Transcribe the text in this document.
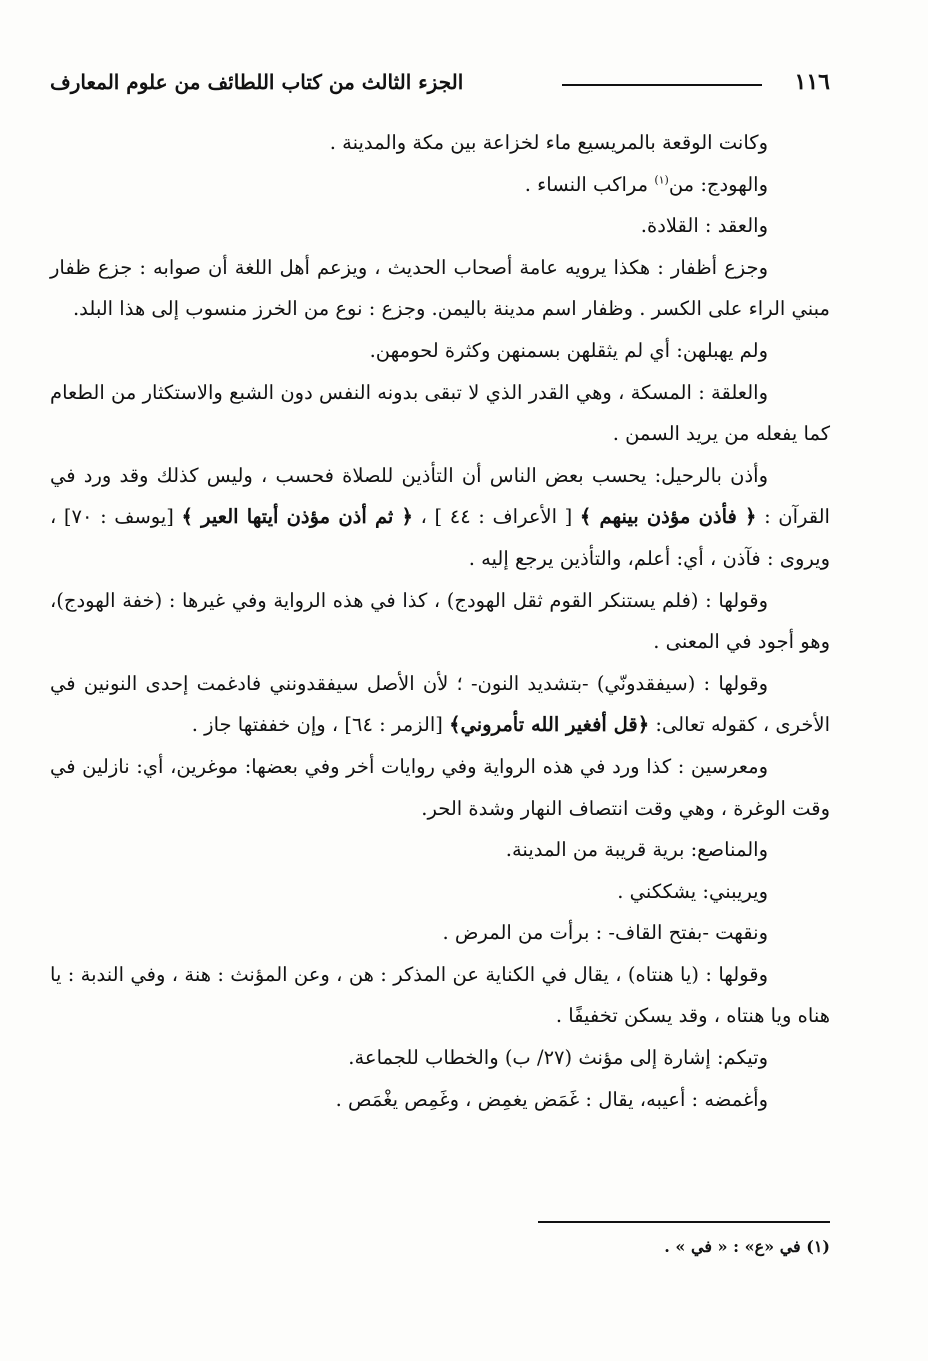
١١٦
الجزء الثالث من كتاب اللطائف من علوم المعارف

وكانت الوقعة بالمريسيع ماء لخزاعة بين مكة والمدينة .

والهودج: من$^{(١)}$ مراكب النساء .

والعقد : القلادة.

وجزع أظفار : هكذا يرويه عامة أصحاب الحديث ، ويزعم أهل اللغة أن صوابه : جزع ظفار مبني الراء على الكسر . وظفار اسم مدينة باليمن. وجزع : نوع من الخرز منسوب إلى هذا البلد.

ولم يهبلهن: أي لم يثقلهن بسمنهن وكثرة لحومهن.

والعلقة : المسكة ، وهي القدر الذي لا تبقى بدونه النفس دون الشبع والاستكثار من الطعام كما يفعله من يريد السمن .

وأذن بالرحيل: يحسب بعض الناس أن التأذين للصلاة فحسب ، وليس كذلك وقد ورد في القرآن : ﴿ فأذن مؤذن بينهم ﴾ [ الأعراف : ٤٤ ] ، ﴿ ثم أذن مؤذن أيتها العير ﴾ [يوسف : ٧٠] ، ويروى : فآذن ، أي: أعلم، والتأذين يرجع إليه .

وقولها : (فلم يستنكر القوم ثقل الهودج) ، كذا في هذه الرواية وفي غيرها : (خفة الهودج)، وهو أجود في المعنى .

وقولها : (سيفقدونّي) -بتشديد النون- ؛ لأن الأصل سيفقدونني فادغمت إحدى النونين في الأخرى ، كقوله تعالى: ﴿قل أفغير الله تأمروني﴾ [الزمر : ٦٤] ، وإن خففتها جاز .

ومعرسين : كذا ورد في هذه الرواية وفي روايات أخر وفي بعضها: موغرين، أي: نازلين في وقت الوغرة ، وهي وقت انتصاف النهار وشدة الحر.

والمناصع: برية قريبة من المدينة.

ويريبني: يشككني .

ونقهت -بفتح القاف- : برأت من المرض .

وقولها : (يا هنتاه) ، يقال في الكناية عن المذكر : هن ، وعن المؤنث : هنة ، وفي الندبة : يا هناه ويا هنتاه ، وقد يسكن تخفيفًا .

وتيكم: إشارة إلى مؤنث (٢٧/ ب) والخطاب للجماعة.

وأغمضه : أعيبه، يقال : غَمَض يغمِض ، وغَمِص يغْمَص .

(١) في «ع» : « في » .
